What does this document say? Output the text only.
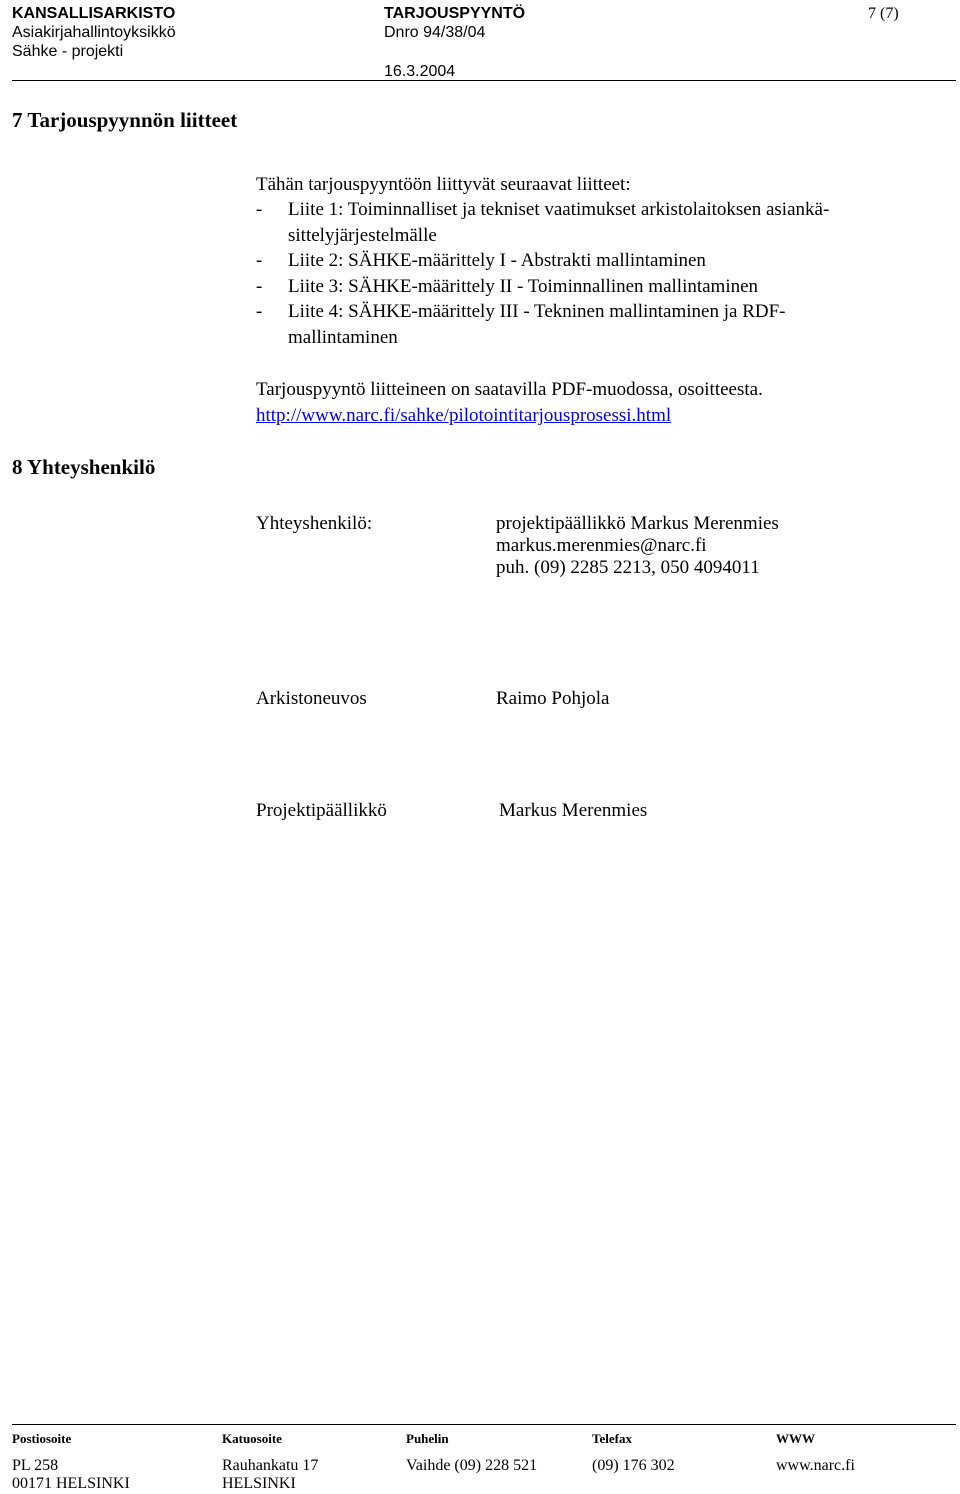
KANSALLISARKISTO
Asiakirjahallintoyksikkö
Sähke - projekti
TARJOUSPYYNTÖ
Dnro 94/38/04
16.3.2004
7 (7)
7 Tarjouspyynnön liitteet
Tähän tarjouspyyntöön liittyvät seuraavat liitteet:
- Liite 1: Toiminnalliset ja tekniset vaatimukset arkistolaitoksen asiankä-
sittelyjärjestelmälle
- Liite 2: SÄHKE-määrittely I - Abstrakti mallintaminen
- Liite 3: SÄHKE-määrittely II - Toiminnallinen mallintaminen
- Liite 4: SÄHKE-määrittely III - Tekninen mallintaminen ja RDF-
mallintaminen
Tarjouspyyntö liitteineen on saatavilla PDF-muodossa, osoitteesta.
http://www.narc.fi/sahke/pilotointitarjousprosessi.html
8 Yhteyshenkilö
Yhteyshenkilö:	projektipäällikkö Markus Merenmies
markus.merenmies@narc.fi
puh. (09) 2285 2213, 050 4094011
Arkistoneuvos	Raimo Pohjola
Projektipäällikkö	Markus Merenmies
Postiosoite	Katuosoite	Puhelin	Telefax	WWW
PL 258	Rauhankatu 17	Vaihde (09) 228 521	(09) 176 302	www.narc.fi
00171 HELSINKI	HELSINKI
